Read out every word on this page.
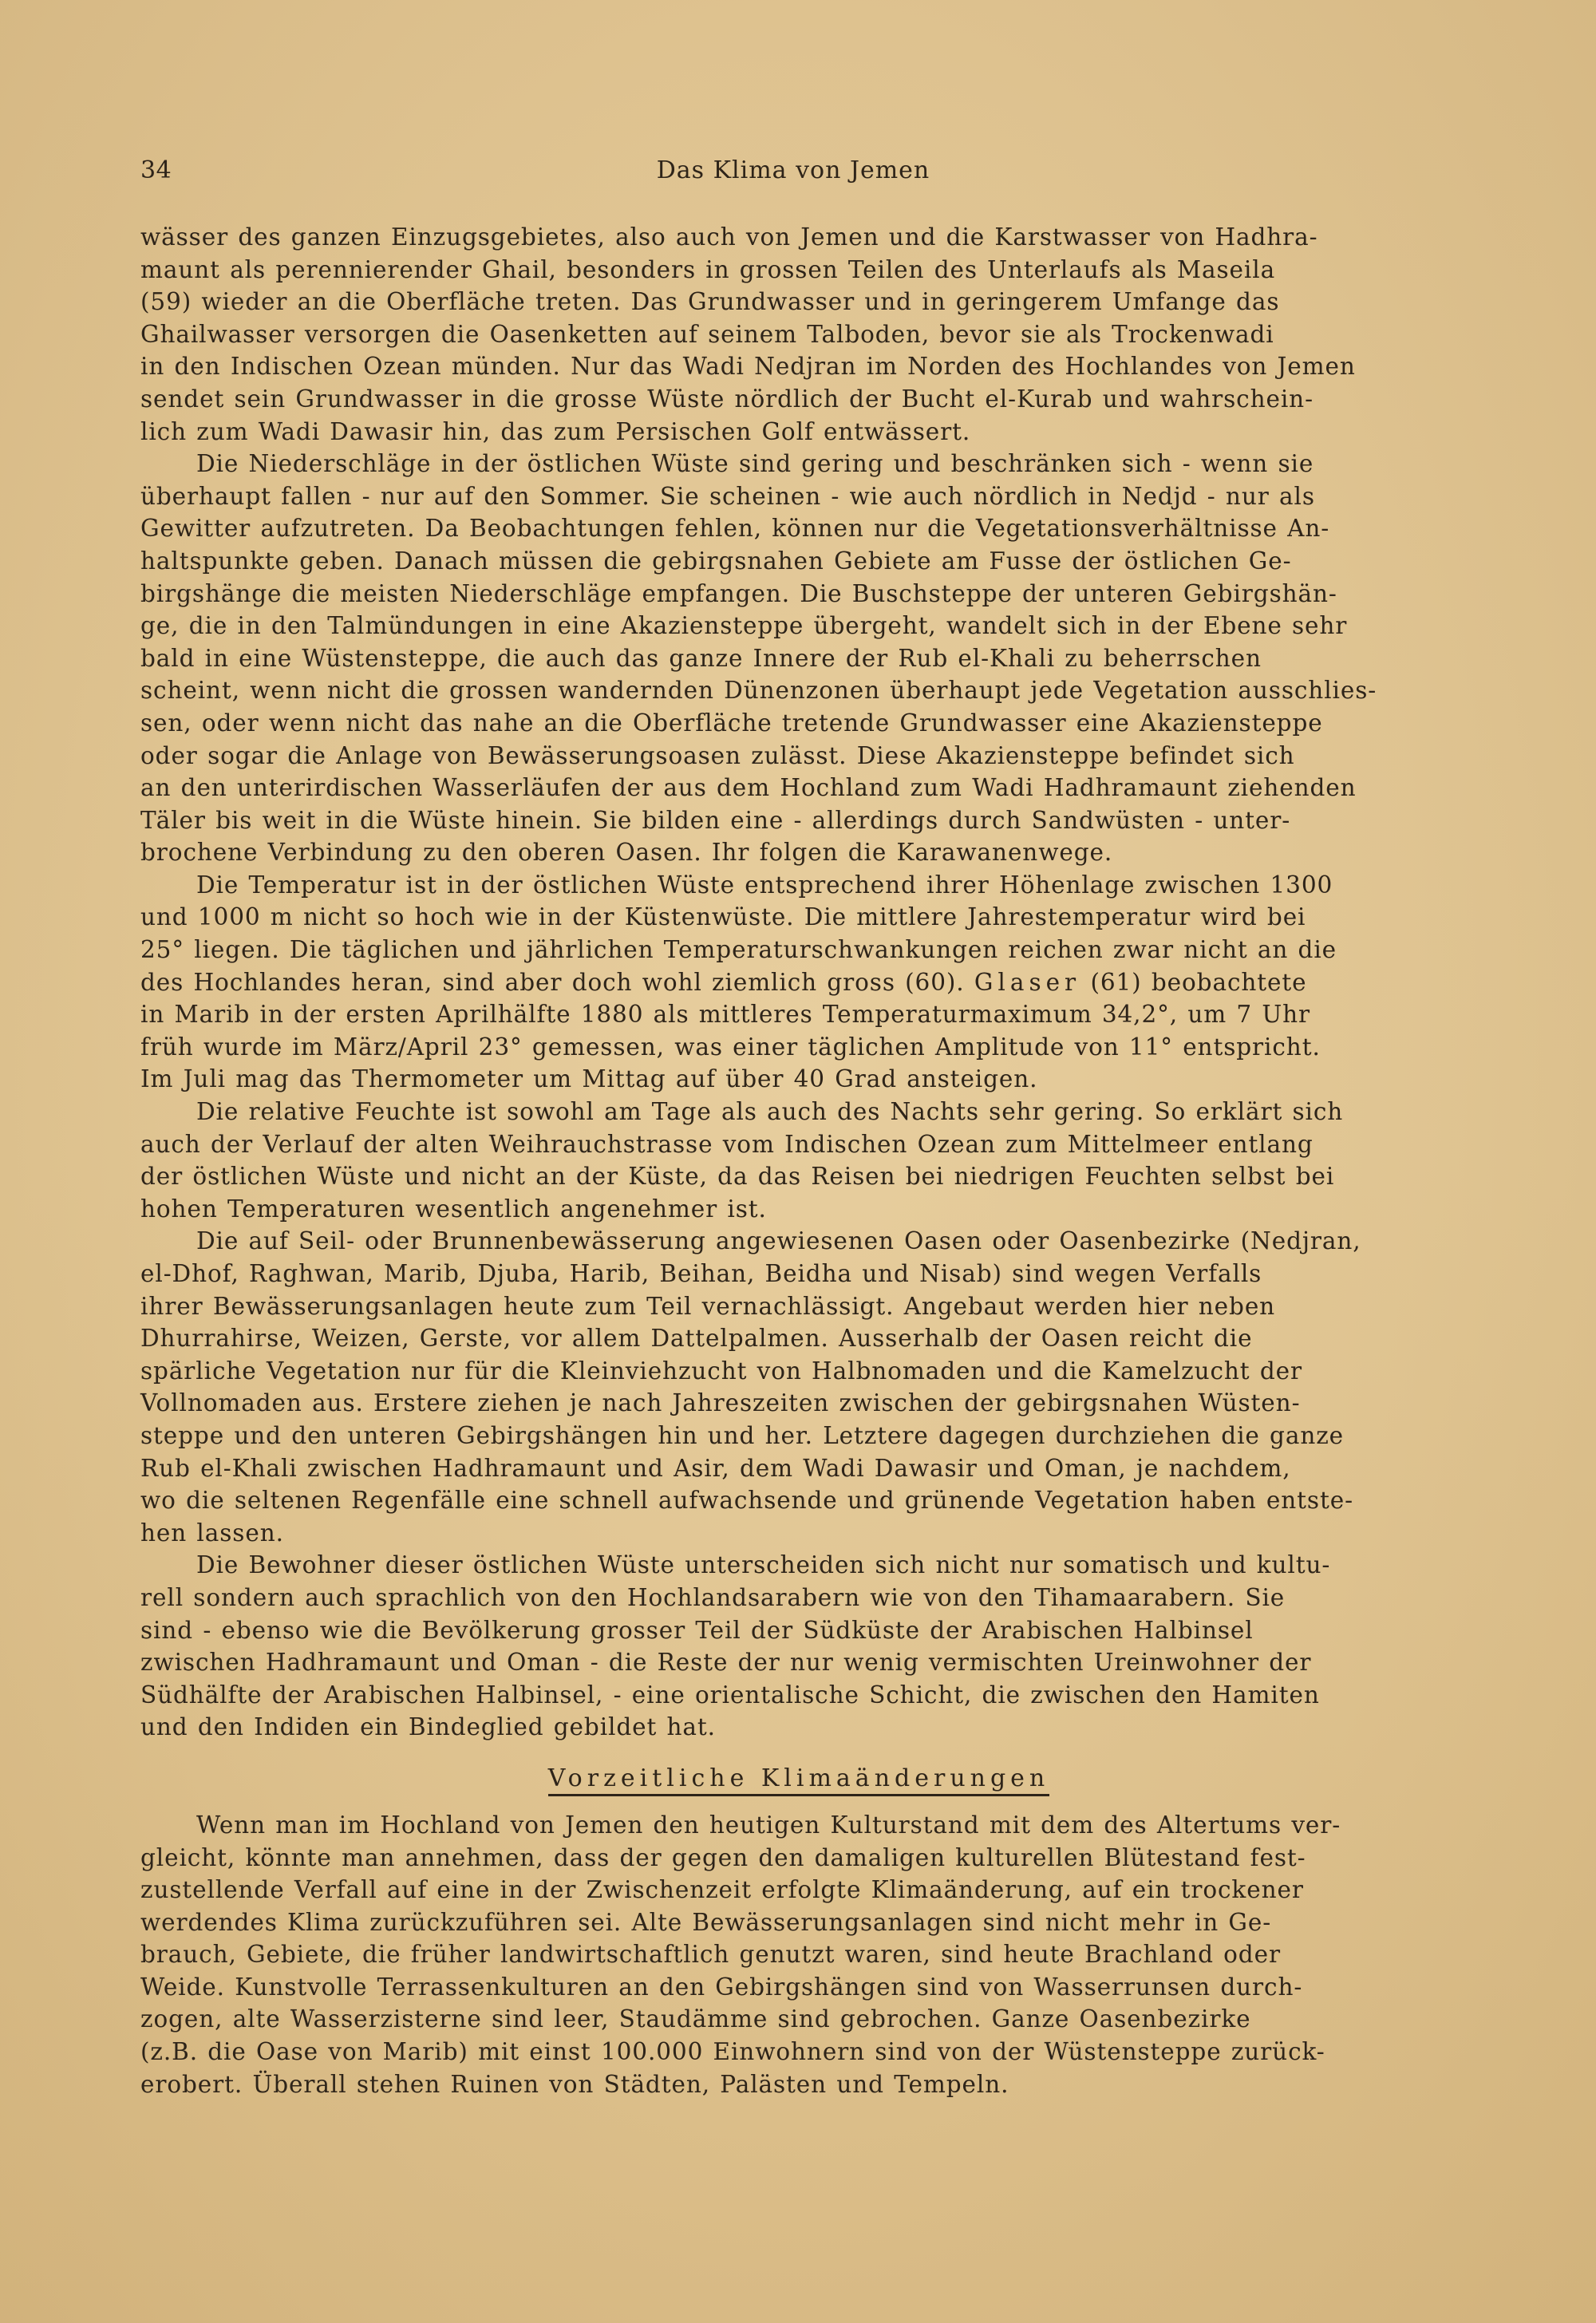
34	Das Klima von Jemen
wässer des ganzen Einzugsgebietes, also auch von Jemen und die Karstwasser von Hadhra-
maunt als perennierender Ghail, besonders in grossen Teilen des Unterlaufs als Maseila
(59) wieder an die Oberfläche treten. Das Grundwasser und in geringerem Umfange das
Ghailwasser versorgen die Oasenketten auf seinem Talboden, bevor sie als Trockenwadi
in den Indischen Ozean münden. Nur das Wadi Nedjran im Norden des Hochlandes von Jemen
sendet sein Grundwasser in die grosse Wüste nördlich der Bucht el-Kurab und wahrschein-
lich zum Wadi Dawasir hin, das zum Persischen Golf entwässert.
Die Niederschläge in der östlichen Wüste sind gering und beschränken sich - wenn sie
überhaupt fallen - nur auf den Sommer. Sie scheinen - wie auch nördlich in Nedjd - nur als
Gewitter aufzutreten. Da Beobachtungen fehlen, können nur die Vegetationsverhältnisse An-
haltspunkte geben. Danach müssen die gebirgsnahen Gebiete am Fusse der östlichen Ge-
birgshänge die meisten Niederschläge empfangen. Die Buschsteppe der unteren Gebirgshän-
ge, die in den Talmündungen in eine Akaziensteppe übergeht, wandelt sich in der Ebene sehr
bald in eine Wüstensteppe, die auch das ganze Innere der Rub el-Khali zu beherrschen
scheint, wenn nicht die grossen wandernden Dünenzonen überhaupt jede Vegetation ausschlies-
sen, oder wenn nicht das nahe an die Oberfläche tretende Grundwasser eine Akaziensteppe
oder sogar die Anlage von Bewässerungsoasen zulässt. Diese Akaziensteppe befindet sich
an den unterirdischen Wasserläufen der aus dem Hochland zum Wadi Hadhramaunt ziehenden
Täler bis weit in die Wüste hinein. Sie bilden eine - allerdings durch Sandwüsten - unter-
brochene Verbindung zu den oberen Oasen. Ihr folgen die Karawanenwege.
Die Temperatur ist in der östlichen Wüste entsprechend ihrer Höhenlage zwischen 1300
und 1000 m nicht so hoch wie in der Küstenwüste. Die mittlere Jahrestemperatur wird bei
25° liegen. Die täglichen und jährlichen Temperaturschwankungen reichen zwar nicht an die
des Hochlandes heran, sind aber doch wohl ziemlich gross (60). Glaser (61) beobachtete
in Marib in der ersten Aprilhälfte 1880 als mittleres Temperaturmaximum 34,2°, um 7 Uhr
früh wurde im März/April 23° gemessen, was einer täglichen Amplitude von 11° entspricht.
Im Juli mag das Thermometer um Mittag auf über 40 Grad ansteigen.
Die relative Feuchte ist sowohl am Tage als auch des Nachts sehr gering. So erklärt sich
auch der Verlauf der alten Weihrauchstrasse vom Indischen Ozean zum Mittelmeer entlang
der östlichen Wüste und nicht an der Küste, da das Reisen bei niedrigen Feuchten selbst bei
hohen Temperaturen wesentlich angenehmer ist.
Die auf Seil- oder Brunnenbewässerung angewiesenen Oasen oder Oasenbezirke (Nedjran,
el-Dhof, Raghwan, Marib, Djuba, Harib, Beihan, Beidha und Nisab) sind wegen Verfalls
ihrer Bewässerungsanlagen heute zum Teil vernachlässigt. Angebaut werden hier neben
Dhurrahirse, Weizen, Gerste, vor allem Dattelpalmen. Ausserhalb der Oasen reicht die
spärliche Vegetation nur für die Kleinviehzucht von Halbnomaden und die Kamelzucht der
Vollnomaden aus. Erstere ziehen je nach Jahreszeiten zwischen der gebirgsnahen Wüsten-
steppe und den unteren Gebirgshängen hin und her. Letztere dagegen durchziehen die ganze
Rub el-Khali zwischen Hadhramaunt und Asir, dem Wadi Dawasir und Oman, je nachdem,
wo die seltenen Regenfälle eine schnell aufwachsende und grünende Vegetation haben entste-
hen lassen.
Die Bewohner dieser östlichen Wüste unterscheiden sich nicht nur somatisch und kultu-
rell sondern auch sprachlich von den Hochlandsarabern wie von den Tihamaarabern. Sie
sind - ebenso wie die Bevölkerung grosser Teil der Südküste der Arabischen Halbinsel
zwischen Hadhramaunt und Oman - die Reste der nur wenig vermischten Ureinwohner der
Südhälfte der Arabischen Halbinsel, - eine orientalische Schicht, die zwischen den Hamiten
und den Indiden ein Bindeglied gebildet hat.
Vorzeitliche Klimaänderungen
Wenn man im Hochland von Jemen den heutigen Kulturstand mit dem des Altertums ver-
gleicht, könnte man annehmen, dass der gegen den damaligen kulturellen Blütestand fest-
zustellende Verfall auf eine in der Zwischenzeit erfolgte Klimaänderung, auf ein trockener
werdendes Klima zurückzuführen sei. Alte Bewässerungsanlagen sind nicht mehr in Ge-
brauch, Gebiete, die früher landwirtschaftlich genutzt waren, sind heute Brachland oder
Weide. Kunstvolle Terrassenkulturen an den Gebirgshängen sind von Wasserrunsen durch-
zogen, alte Wasserzisterne sind leer, Staudämme sind gebrochen. Ganze Oasenbezirke
(z.B. die Oase von Marib) mit einst 100.000 Einwohnern sind von der Wüstensteppe zurück-
erobert. Überall stehen Ruinen von Städten, Palästen und Tempeln.
